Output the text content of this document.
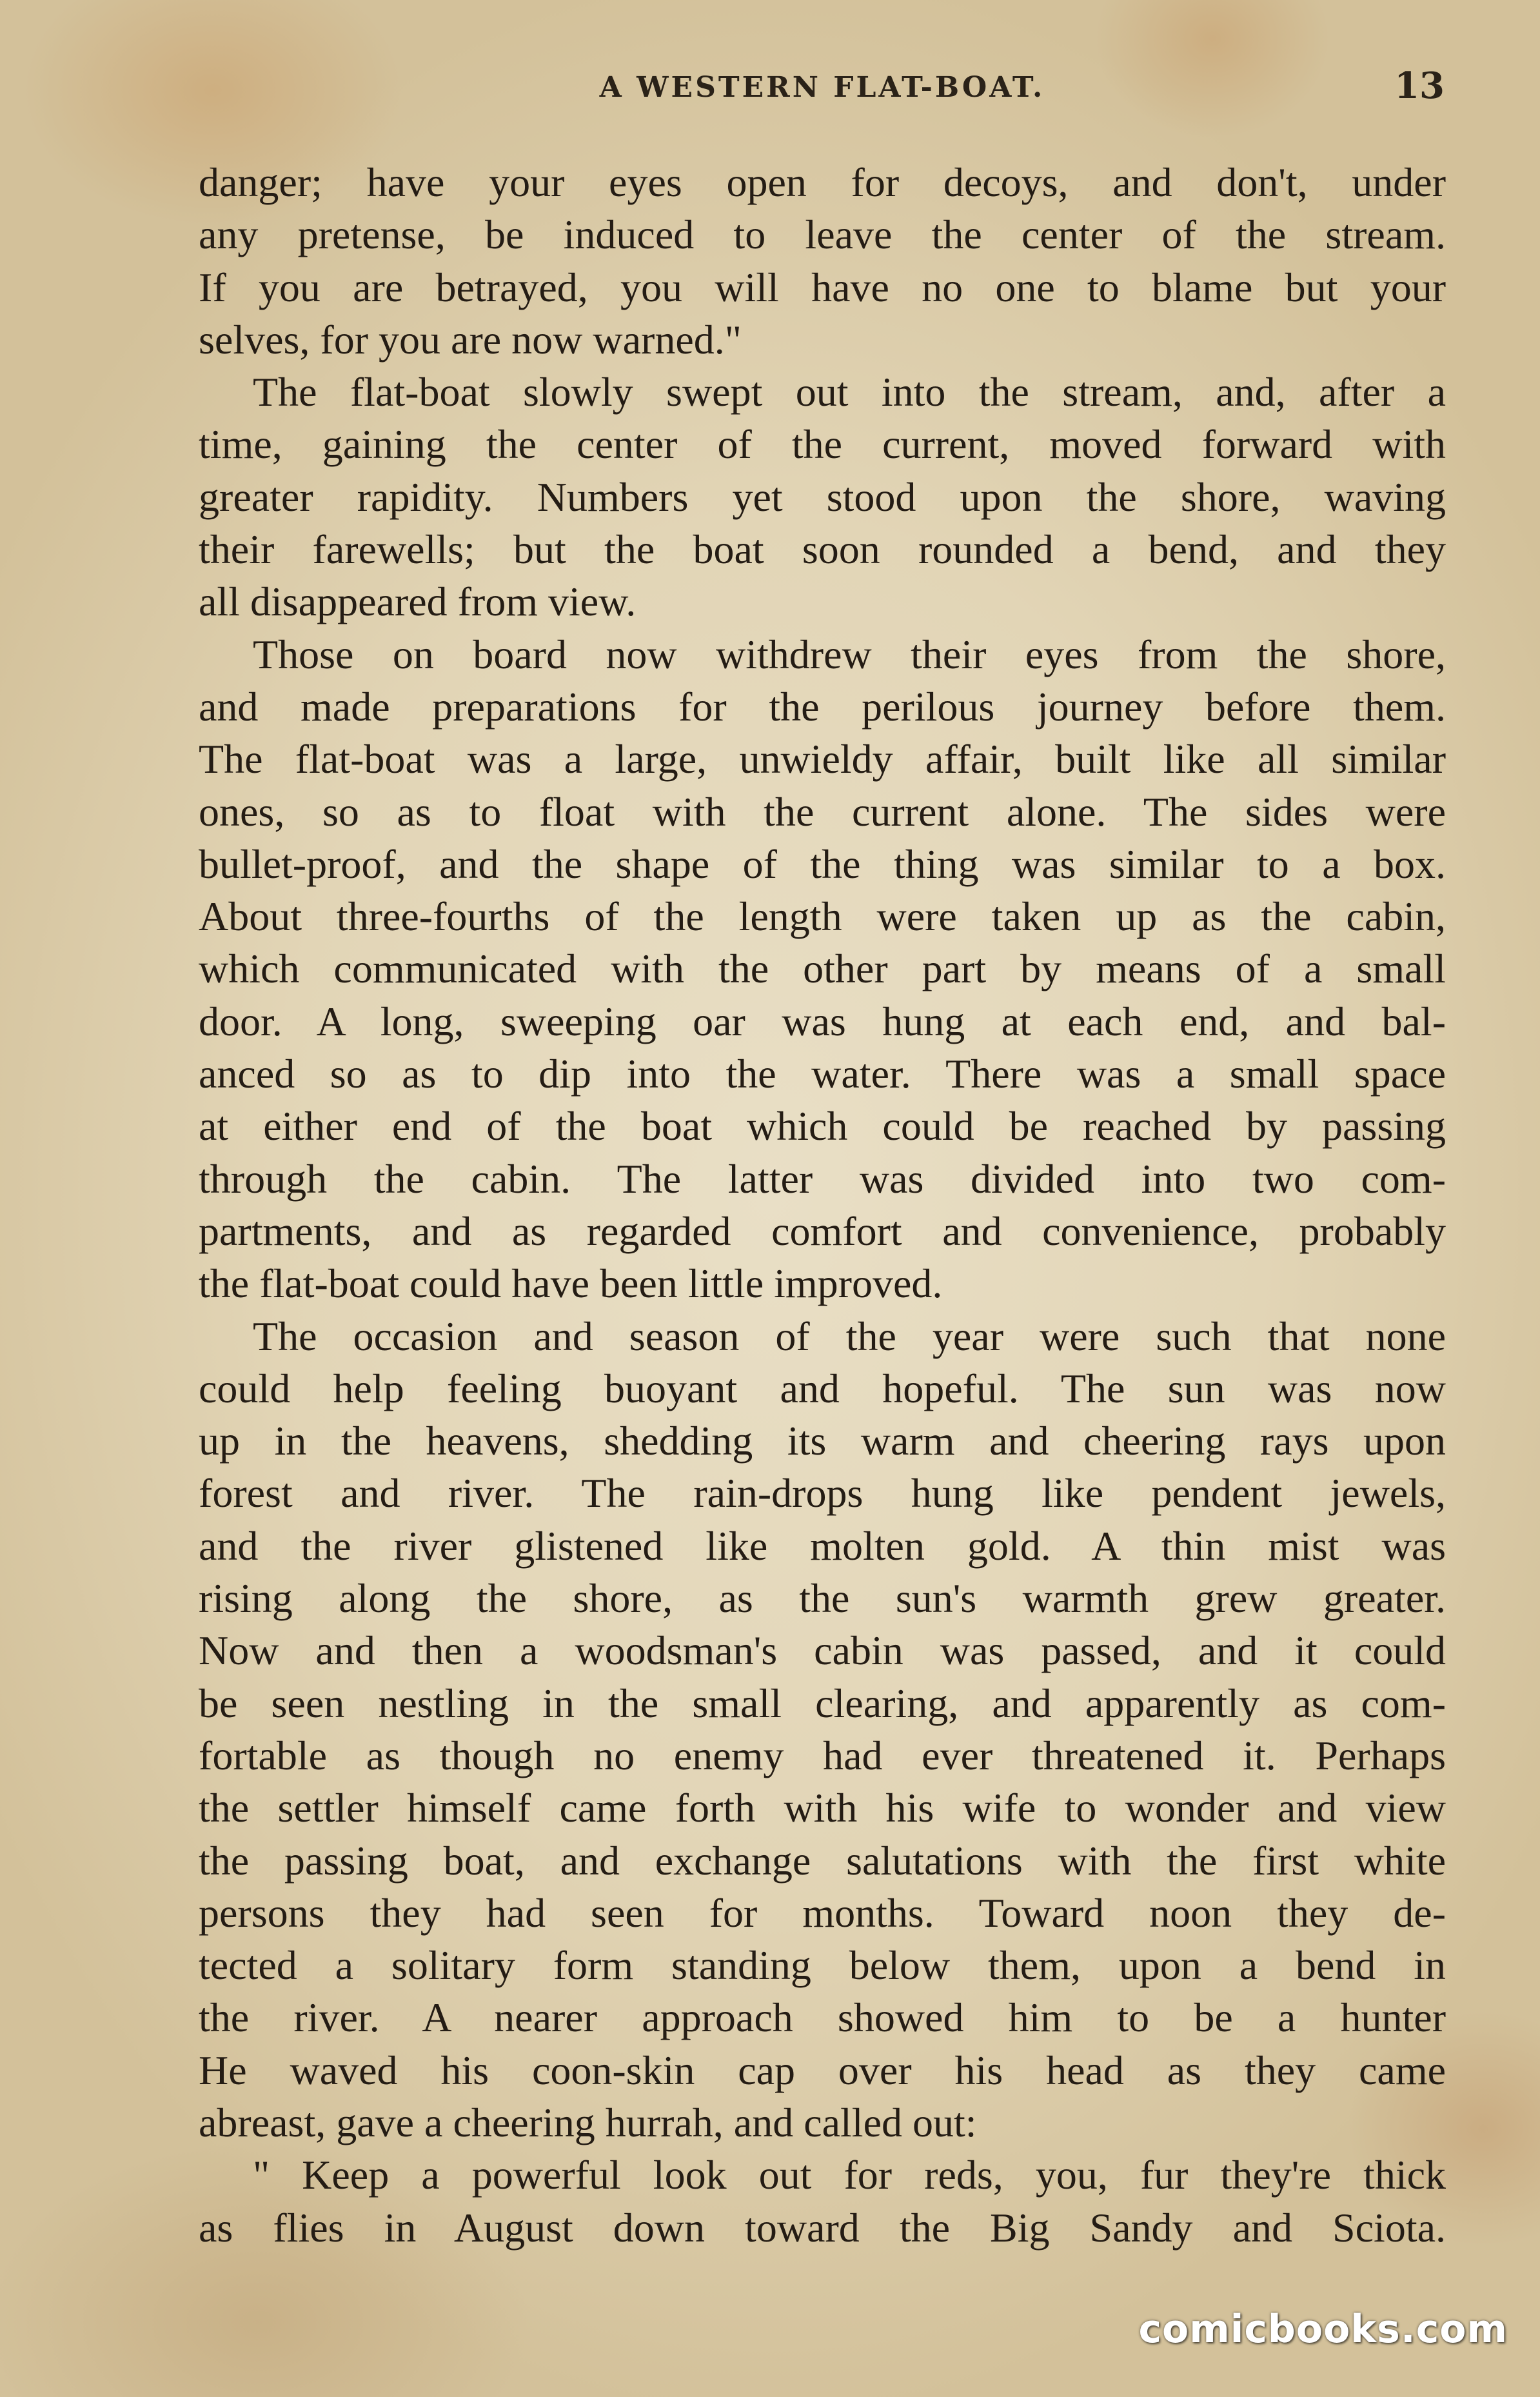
A WESTERN FLAT-BOAT.	13
danger; have your eyes open for decoys, and don't, under
any pretense, be induced to leave the center of the stream.
If you are betrayed, you will have no one to blame but your
selves, for you are now warned."
The flat-boat slowly swept out into the stream, and, after a
time, gaining the center of the current, moved forward with
greater rapidity. Numbers yet stood upon the shore, waving
their farewells; but the boat soon rounded a bend, and they
all disappeared from view.
Those on board now withdrew their eyes from the shore,
and made preparations for the perilous journey before them.
The flat-boat was a large, unwieldy affair, built like all similar
ones, so as to float with the current alone. The sides were
bullet-proof, and the shape of the thing was similar to a box.
About three-fourths of the length were taken up as the cabin,
which communicated with the other part by means of a small
door. A long, sweeping oar was hung at each end, and bal-
anced so as to dip into the water. There was a small space
at either end of the boat which could be reached by passing
through the cabin. The latter was divided into two com-
partments, and as regarded comfort and convenience, probably
the flat-boat could have been little improved.
The occasion and season of the year were such that none
could help feeling buoyant and hopeful. The sun was now
up in the heavens, shedding its warm and cheering rays upon
forest and river. The rain-drops hung like pendent jewels,
and the river glistened like molten gold. A thin mist was
rising along the shore, as the sun's warmth grew greater.
Now and then a woodsman's cabin was passed, and it could
be seen nestling in the small clearing, and apparently as com-
fortable as though no enemy had ever threatened it. Perhaps
the settler himself came forth with his wife to wonder and view
the passing boat, and exchange salutations with the first white
persons they had seen for months. Toward noon they de-
tected a solitary form standing below them, upon a bend in
the river. A nearer approach showed him to be a hunter
He waved his coon-skin cap over his head as they came
abreast, gave a cheering hurrah, and called out:
" Keep a powerful look out for reds, you, fur they're thick
as flies in August down toward the Big Sandy and Sciota.
comicbooks.com
